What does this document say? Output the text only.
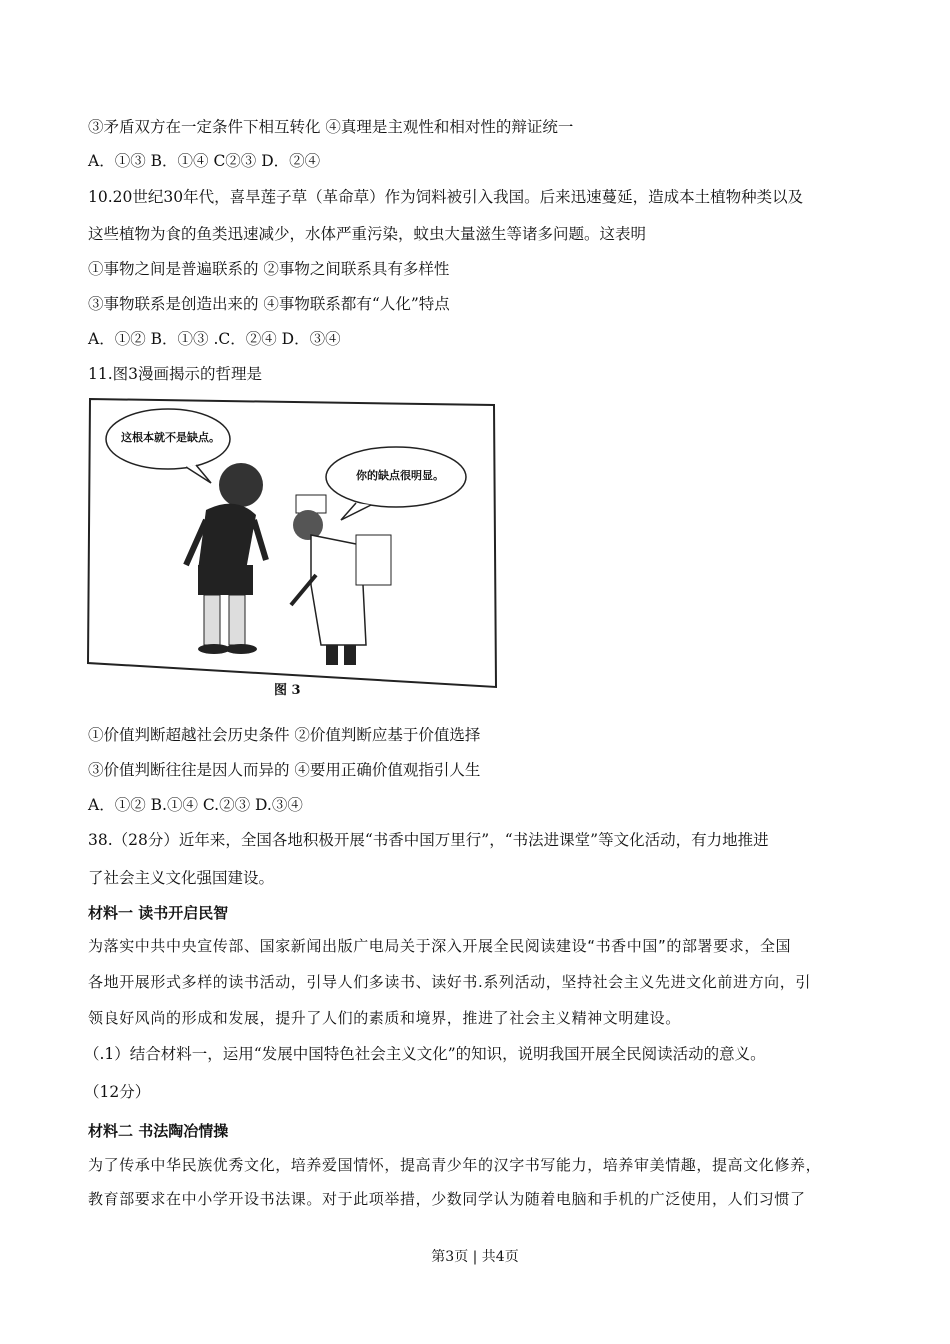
③矛盾双方在一定条件下相互转化 ④真理是主观性和相对性的辩证统一
A．①③ B．①④ C②③ D．②④
10.20世纪30年代，喜旱莲子草（革命草）作为饲料被引入我国。后来迅速蔓延，造成本土植物种类以及
这些植物为食的鱼类迅速减少，水体严重污染，蚊虫大量滋生等诸多问题。这表明
①事物之间是普遍联系的 ②事物之间联系具有多样性
③事物联系是创造出来的 ④事物联系都有“人化”特点
A．①② B．①③ .C．②④ D．③④
11.图3漫画揭示的哲理是
这根本就不是缺点。
你的缺点很明显。
图 3
①价值判断超越社会历史条件 ②价值判断应基于价值选择
③价值判断往往是因人而异的 ④要用正确价值观指引人生
A．①② B.①④ C.②③ D.③④
38.（28分）近年来，全国各地积极开展“书香中国万里行”，“书法进课堂”等文化活动，有力地推进
了社会主义文化强国建设。
材料一 读书开启民智
为落实中共中央宣传部、国家新闻出版广电局关于深入开展全民阅读建设“书香中国”的部署要求，全国
各地开展形式多样的读书活动，引导人们多读书、读好书.系列活动，坚持社会主义先进文化前进方向，引
领良好风尚的形成和发展，提升了人们的素质和境界，推进了社会主义精神文明建设。
（.1）结合材料一，运用“发展中国特色社会主义文化”的知识，说明我国开展全民阅读活动的意义。
（12分）
材料二 书法陶冶情操
为了传承中华民族优秀文化，培养爱国情怀，提高青少年的汉字书写能力，培养审美情趣，提高文化修养，
教育部要求在中小学开设书法课。对于此项举措，少数同学认为随着电脑和手机的广泛使用，人们习惯了
第3页 | 共4页
